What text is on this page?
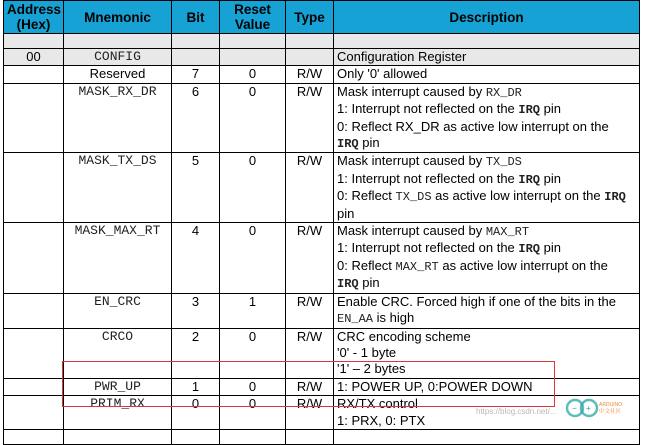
Address (Hex)	Mnemonic	Bit	Reset Value	Type	Description

00	CONFIG				Configuration Register
	Reserved	7	0	R/W	Only '0' allowed
	MASK_RX_DR	6	0	R/W	Mask interrupt caused by RX_DR
1: Interrupt not reflected on the IRQ pin
0: Reflect RX_DR as active low interrupt on the
IRQ pin

	MASK_TX_DS	5	0	R/W	Mask interrupt caused by TX_DS
1: Interrupt not reflected on the IRQ pin
0: Reflect TX_DS as active low interrupt on the IRQ
pin

	MASK_MAX_RT	4	0	R/W	Mask interrupt caused by MAX_RT
1: Interrupt not reflected on the IRQ pin
0: Reflect MAX_RT as active low interrupt on the
IRQ pin

	EN_CRC	3	1	R/W	Enable CRC. Forced high if one of the bits in the
EN_AA is high

	CRCO	2	0	R/W	CRC encoding scheme
'0' - 1 byte
'1' – 2 bytes

	PWR_UP	1	0	R/W	1: POWER UP, 0:POWER DOWN
	PRIM_RX	0	0	R/W	RX/TX control
1: PRX, 0: PTX

https://blog.csdn.net/... − + ARDUINO
中文社区
